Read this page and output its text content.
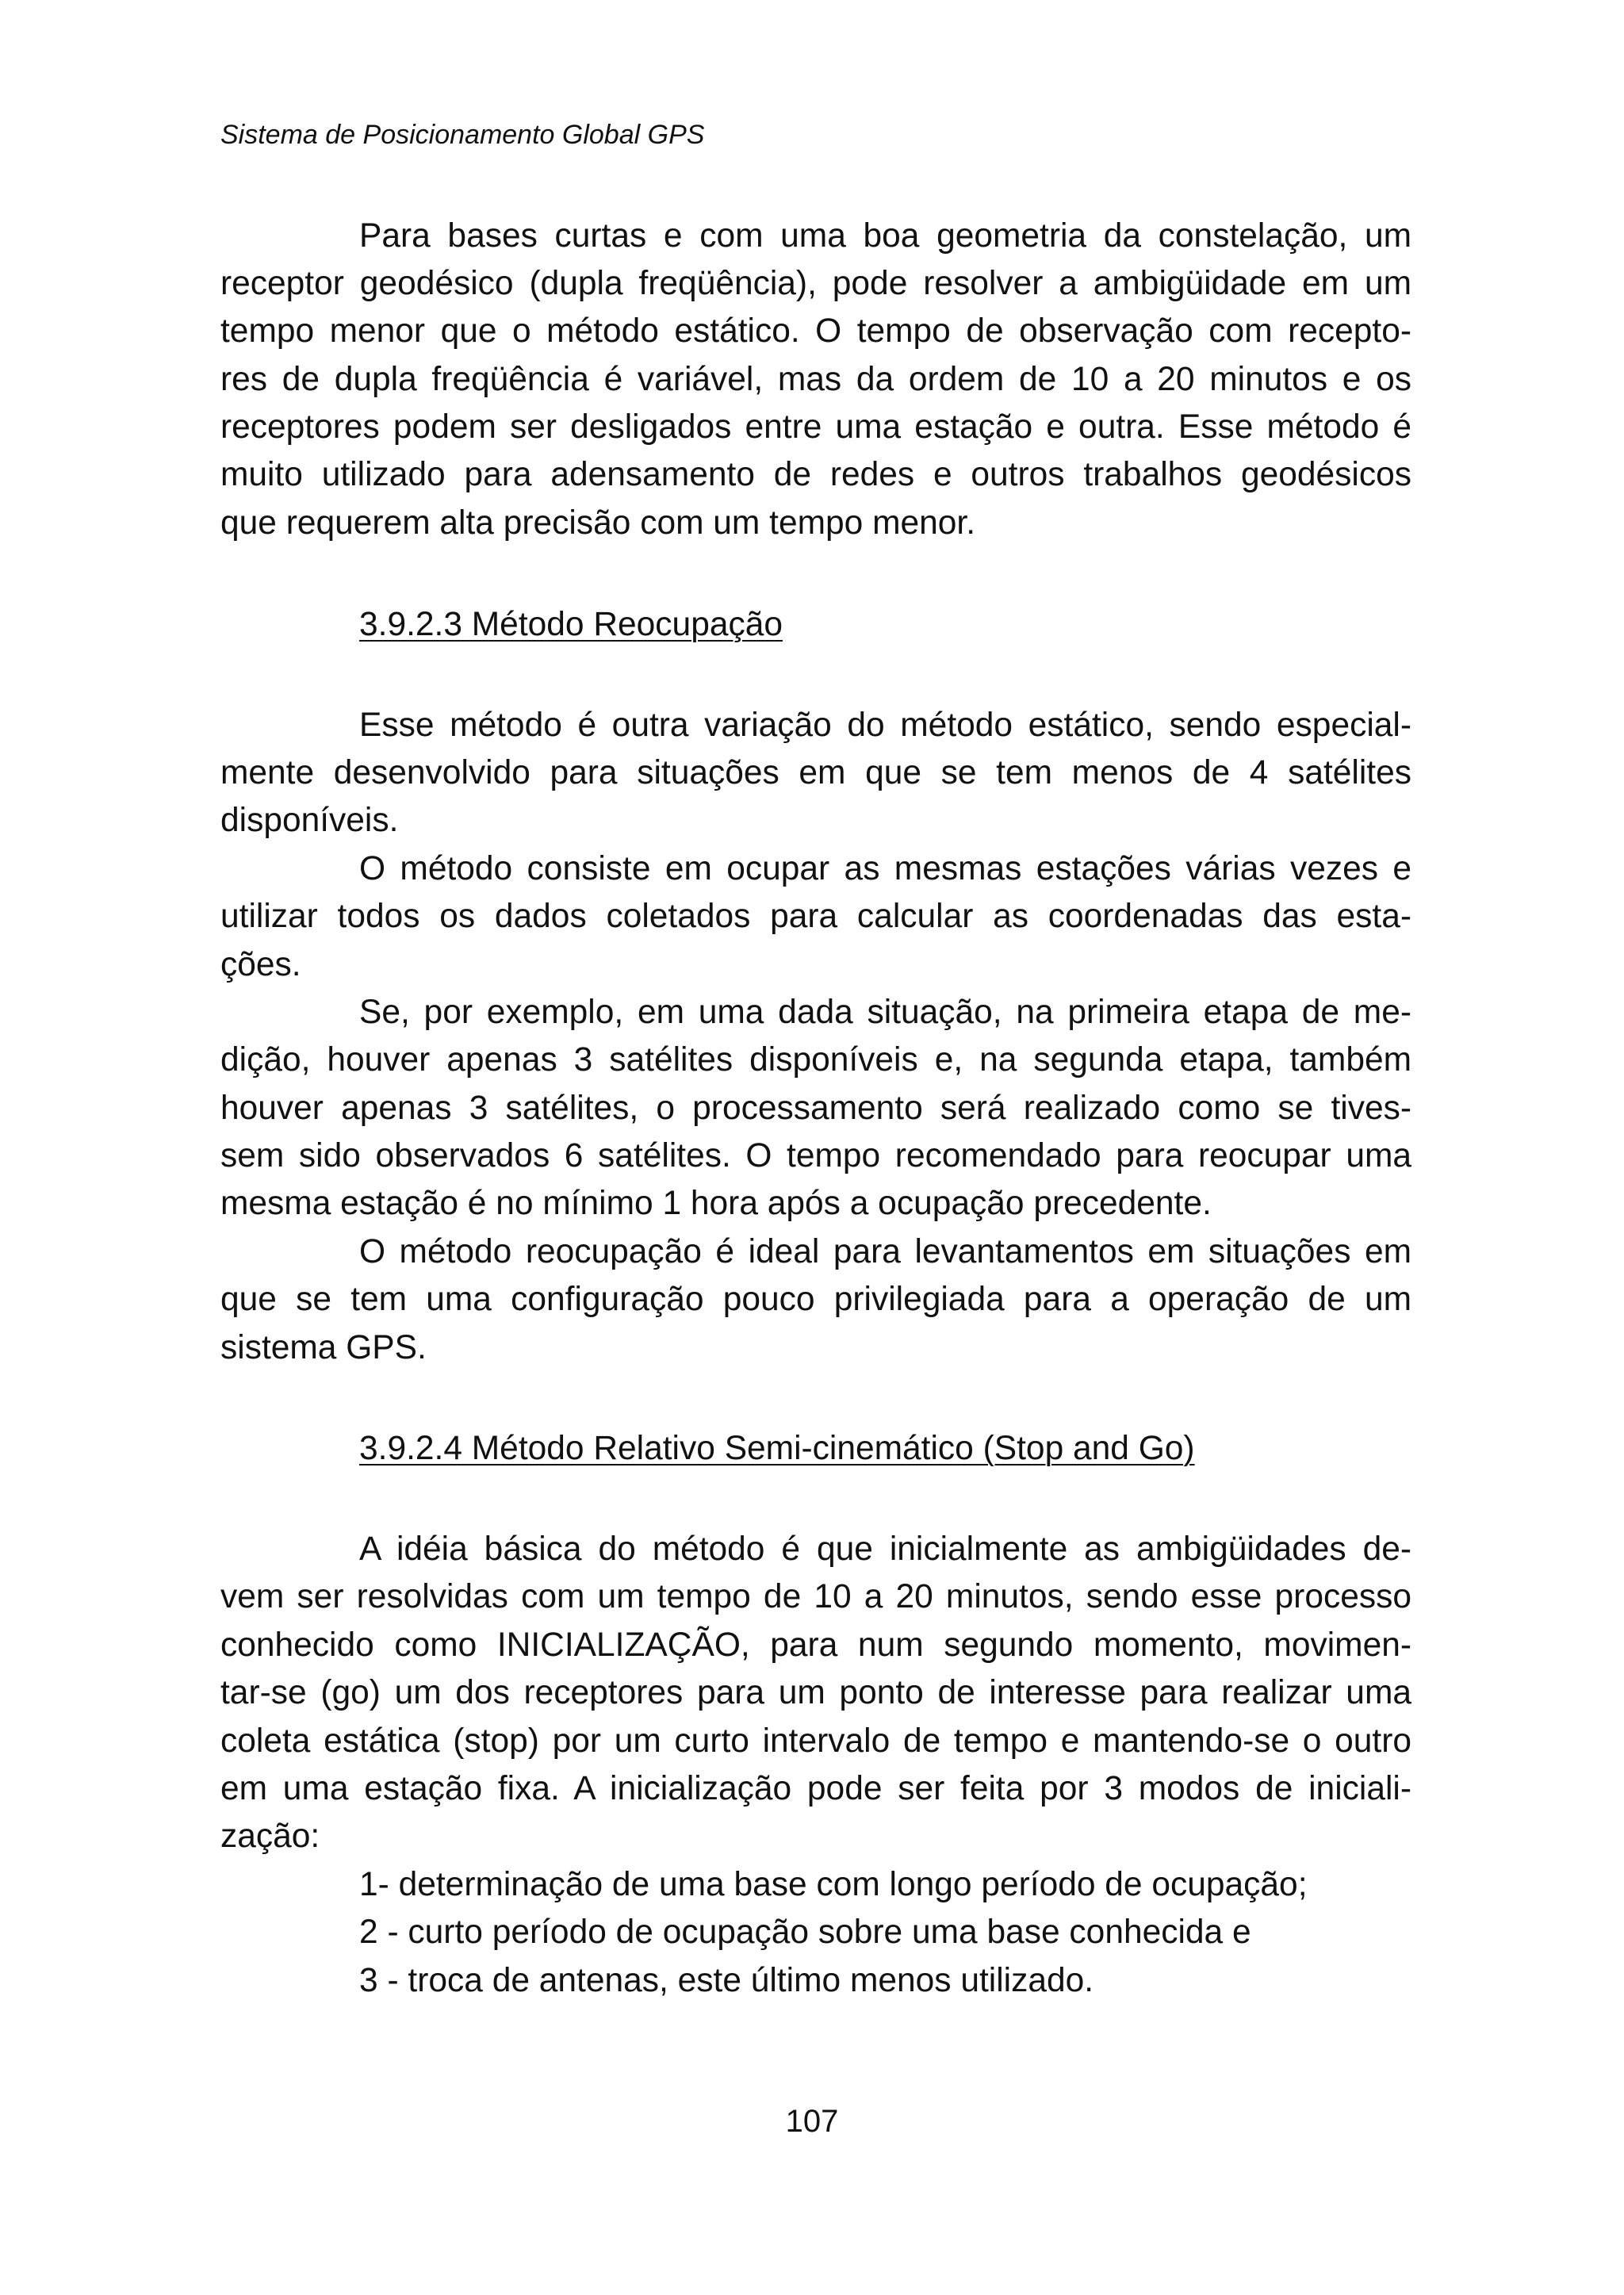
Sistema de Posicionamento Global GPS
Para bases curtas e com uma boa geometria da constelação, um
receptor geodésico (dupla freqüência), pode resolver a ambigüidade em um
tempo menor que o método estático. O tempo de observação com recepto-
res de dupla freqüência é variável, mas da ordem de 10 a 20 minutos e os
receptores podem ser desligados entre uma estação e outra. Esse método é
muito utilizado para adensamento de redes e outros trabalhos geodésicos
que requerem alta precisão com um tempo menor.
3.9.2.3 Método Reocupação
Esse método é outra variação do método estático, sendo especial-
mente desenvolvido para situações em que se tem menos de 4 satélites
disponíveis.
O método consiste em ocupar as mesmas estações várias vezes e
utilizar todos os dados coletados para calcular as coordenadas das esta-
ções.
Se, por exemplo, em uma dada situação, na primeira etapa de me-
dição, houver apenas 3 satélites disponíveis e, na segunda etapa, também
houver apenas 3 satélites, o processamento será realizado como se tives-
sem sido observados 6 satélites. O tempo recomendado para reocupar uma
mesma estação é no mínimo 1 hora após a ocupação precedente.
O método reocupação é ideal para levantamentos em situações em
que se tem uma configuração pouco privilegiada para a operação de um
sistema GPS.
3.9.2.4 Método Relativo Semi-cinemático (Stop and Go)
A idéia básica do método é que inicialmente as ambigüidades de-
vem ser resolvidas com um tempo de 10 a 20 minutos, sendo esse processo
conhecido como INICIALIZAÇÃO, para num segundo momento, movimen-
tar-se (go) um dos receptores para um ponto de interesse para realizar uma
coleta estática (stop) por um curto intervalo de tempo e mantendo-se o outro
em uma estação fixa. A inicialização pode ser feita por 3 modos de iniciali-
zação:
1- determinação de uma base com longo período de ocupação;
2 - curto período de ocupação sobre uma base conhecida e
3 - troca de antenas, este último menos utilizado.
107
